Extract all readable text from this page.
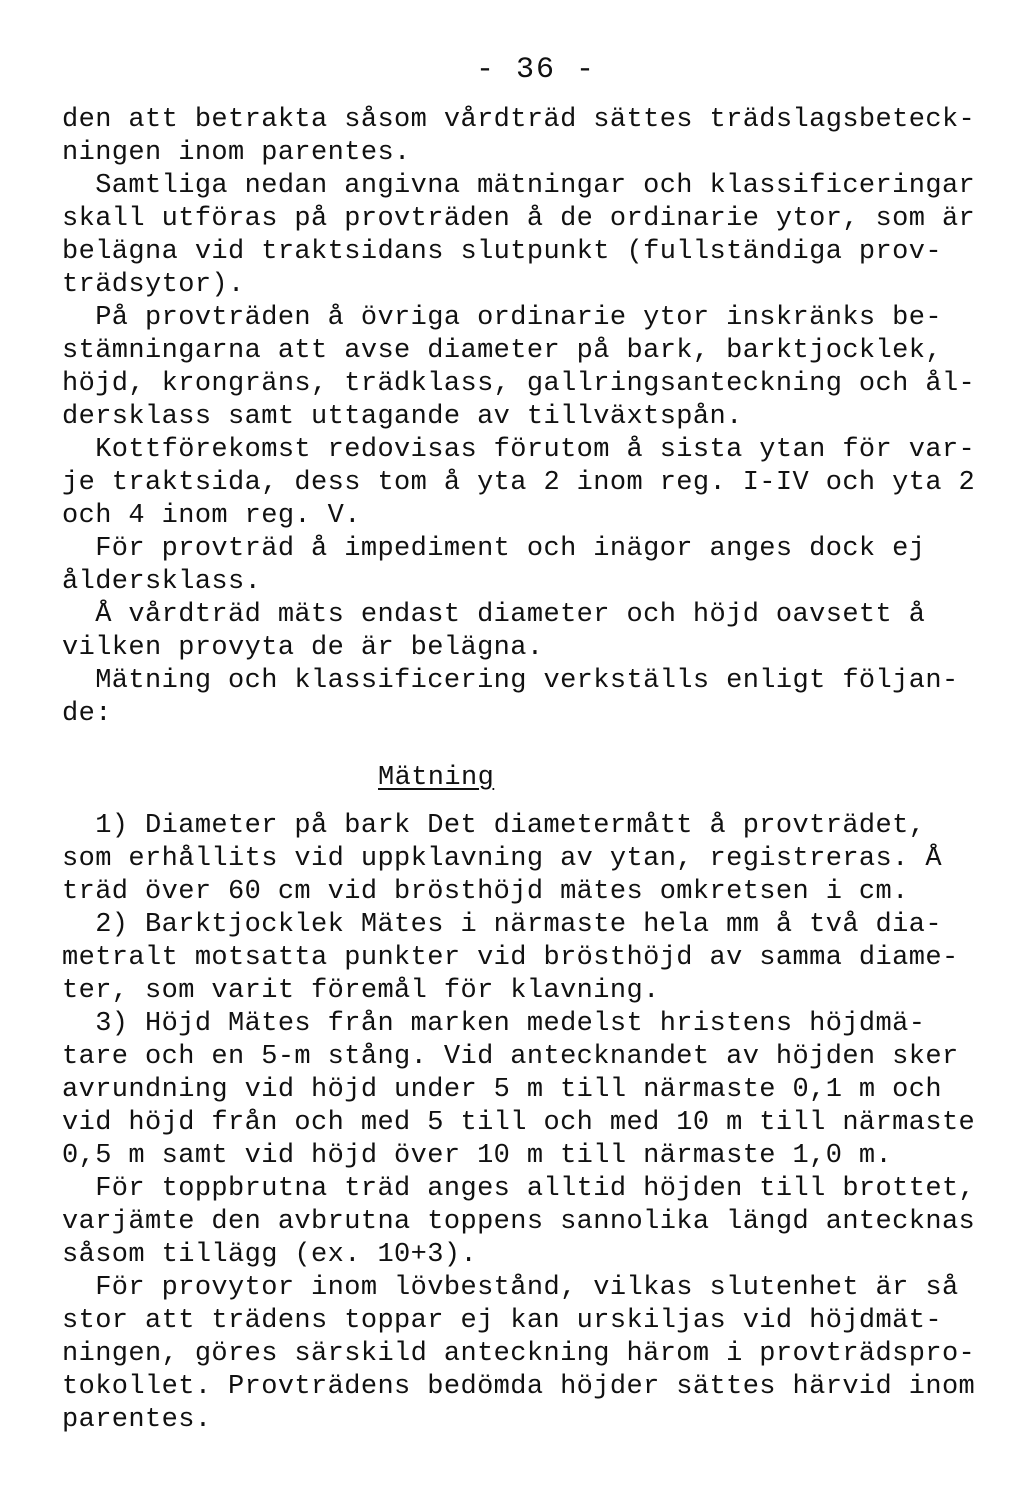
- 36 -
den att betrakta såsom vårdträd sättes trädslagsbeteck-
ningen inom parentes.
Samtliga nedan angivna mätningar och klassificeringar
skall utföras på provträden å de ordinarie ytor, som är
belägna vid traktsidans slutpunkt (fullständiga prov-
trädsytor).
På provträden å övriga ordinarie ytor inskränks be-
stämningarna att avse diameter på bark, barktjocklek,
höjd, krongräns, trädklass, gallringsanteckning och ål-
dersklass samt uttagande av tillväxtspån.
Kottförekomst redovisas förutom å sista ytan för var-
je traktsida, dess tom å yta 2 inom reg. I-IV och yta 2
och 4 inom reg. V.
För provträd å impediment och inägor anges dock ej
åldersklass.
Å vårdträd mäts endast diameter och höjd oavsett å
vilken provyta de är belägna.
Mätning och klassificering verkställs enligt följan-
de:
Mätning
1) Diameter på bark Det diametermått å provträdet,
som erhållits vid uppklavning av ytan, registreras. Å
träd över 60 cm vid brösthöjd mätes omkretsen i cm.
2) Barktjocklek Mätes i närmaste hela mm å två dia-
metralt motsatta punkter vid brösthöjd av samma diame-
ter, som varit föremål för klavning.
3) Höjd Mätes från marken medelst hristens höjdmä-
tare och en 5-m stång. Vid antecknandet av höjden sker
avrundning vid höjd under 5 m till närmaste 0,1 m och
vid höjd från och med 5 till och med 10 m till närmaste
0,5 m samt vid höjd över 10 m till närmaste 1,0 m.
För toppbrutna träd anges alltid höjden till brottet,
varjämte den avbrutna toppens sannolika längd antecknas
såsom tillägg (ex. 10+3).
För provytor inom lövbestånd, vilkas slutenhet är så
stor att trädens toppar ej kan urskiljas vid höjdmät-
ningen, göres särskild anteckning härom i provträdspro-
tokollet. Provträdens bedömda höjder sättes härvid inom
parentes.
